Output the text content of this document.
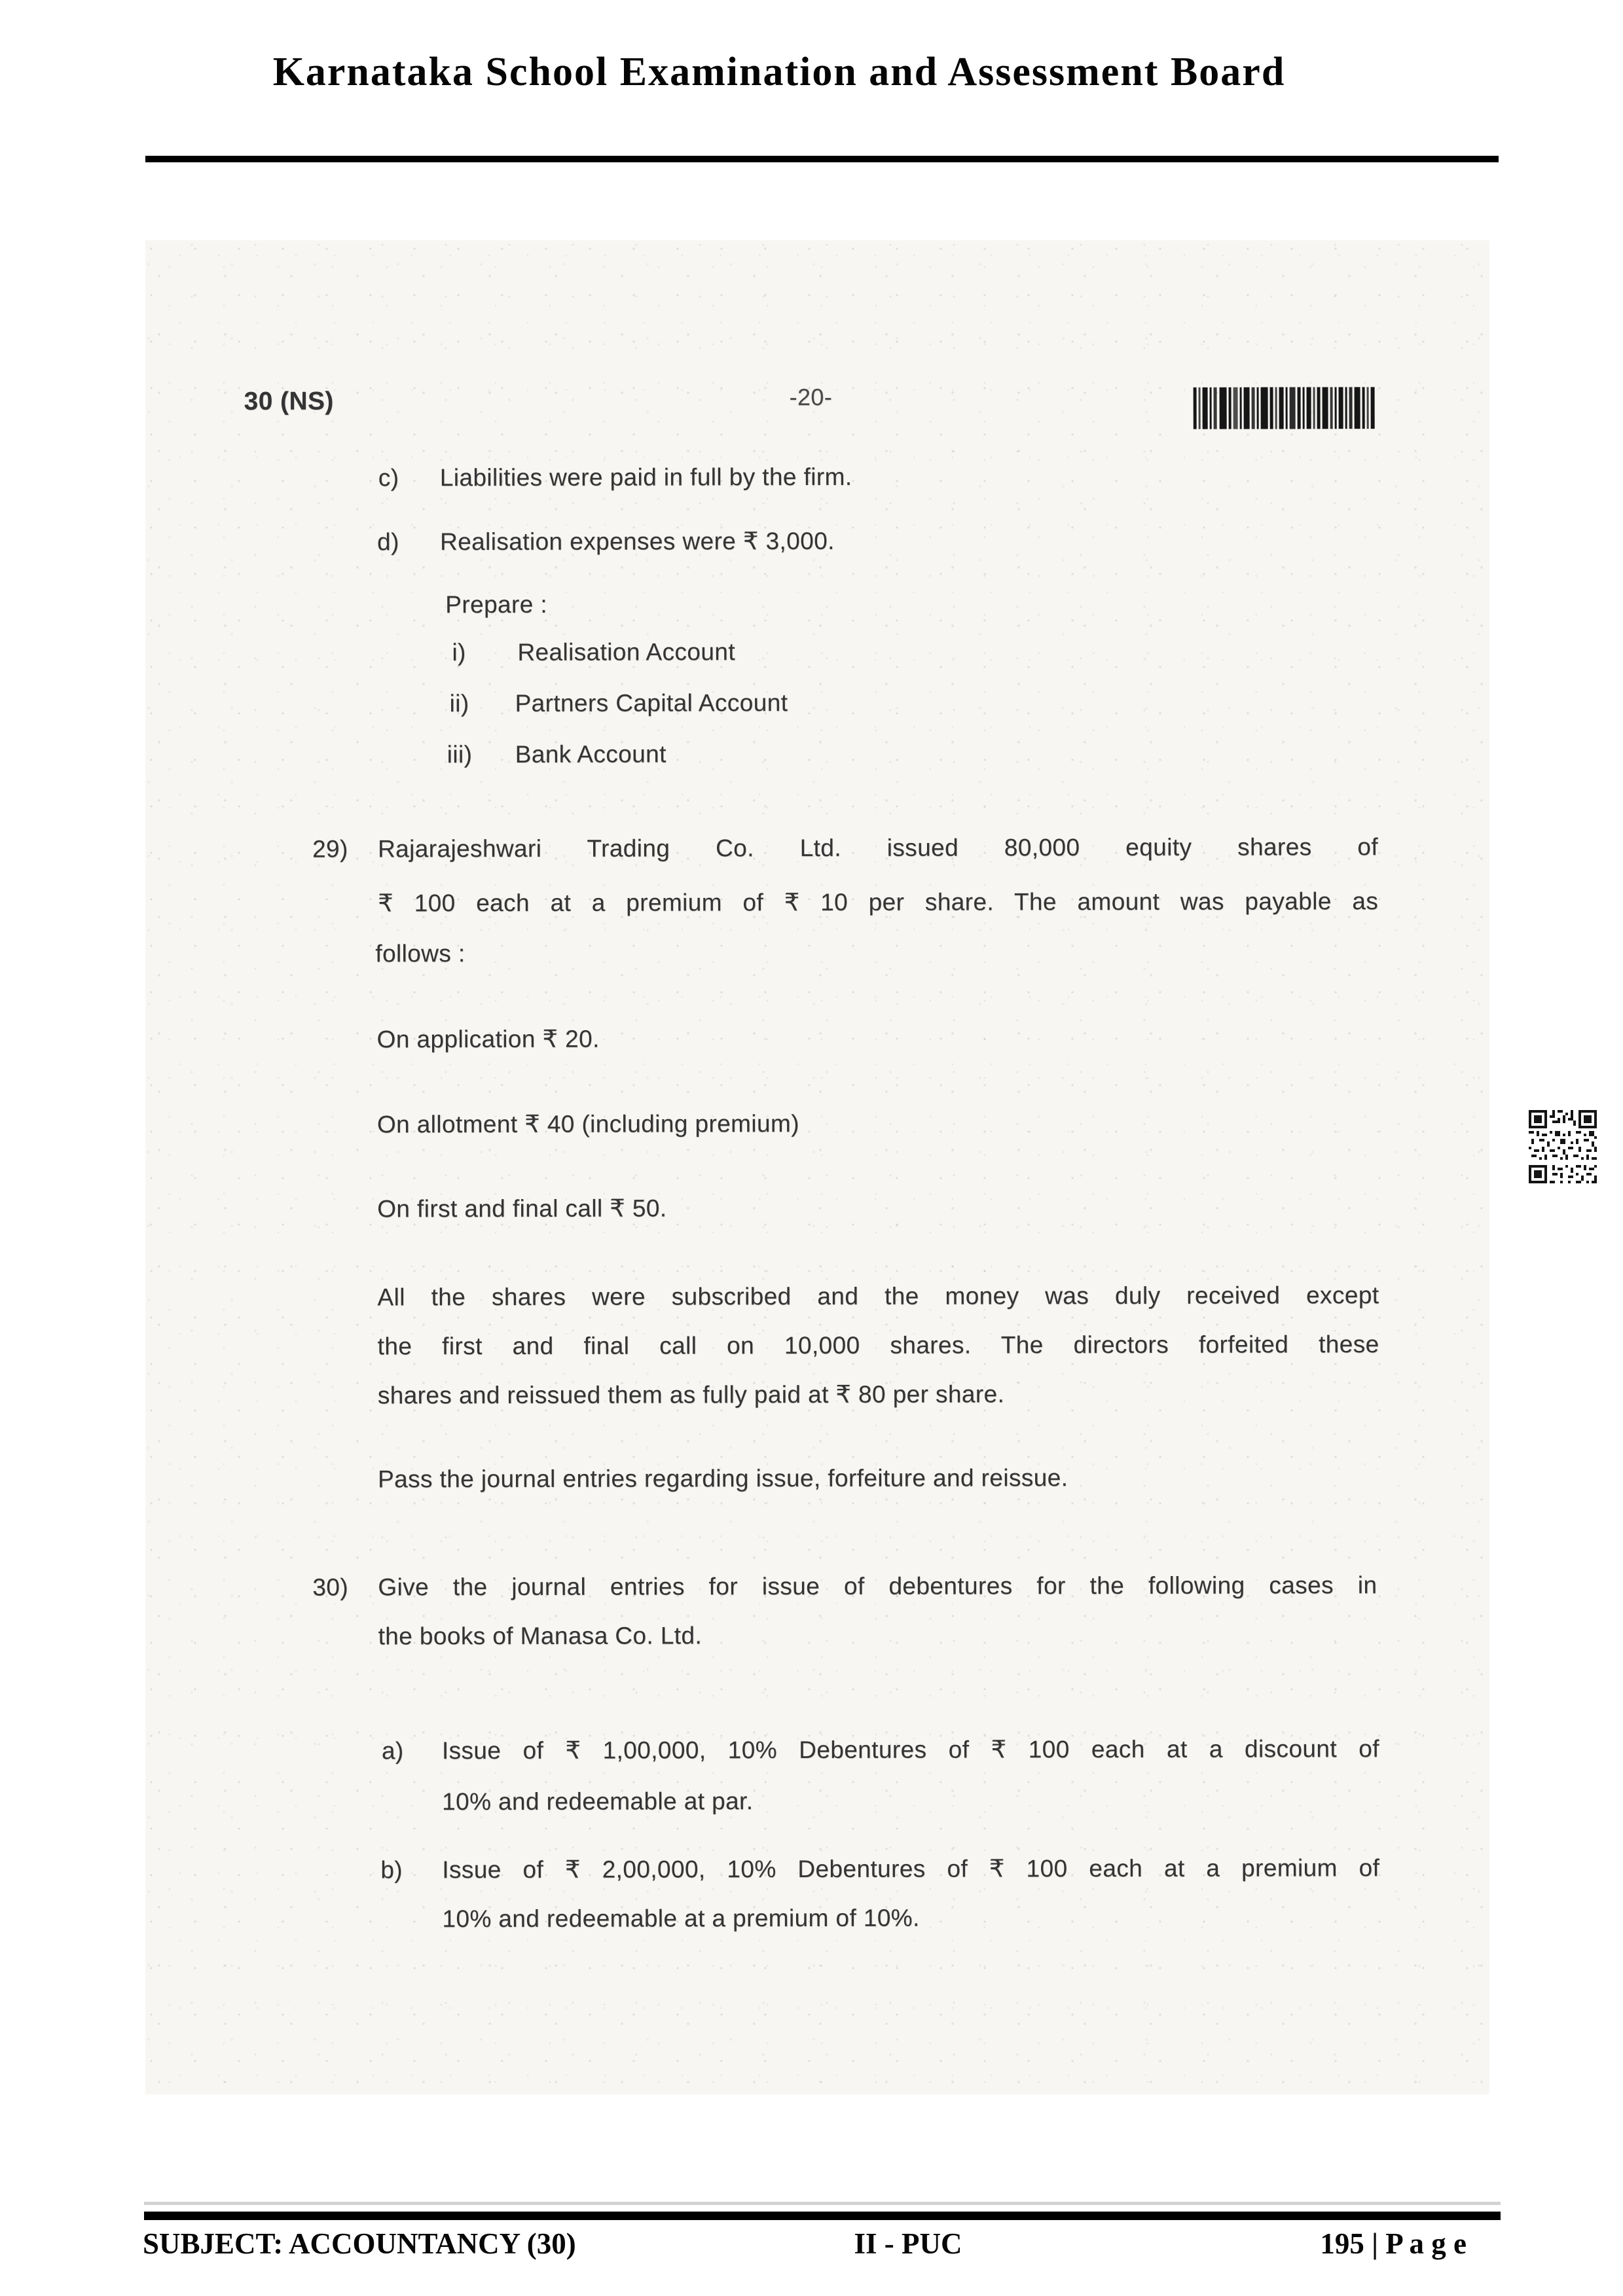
Karnataka School Examination and Assessment Board
30 (NS)	-20-
c) Liabilities were paid in full by the firm.
d) Realisation expenses were ₹ 3,000.
Prepare :
i) Realisation Account
ii) Partners Capital Account
iii) Bank Account
29) Rajarajeshwari Trading Co. Ltd. issued 80,000 equity shares of
₹ 100 each at a premium of ₹ 10 per share. The amount was payable as
follows :
On application ₹ 20.
On allotment ₹ 40 (including premium)
On first and final call ₹ 50.
All the shares were subscribed and the money was duly received except
the first and final call on 10,000 shares. The directors forfeited these
shares and reissued them as fully paid at ₹ 80 per share.
Pass the journal entries regarding issue, forfeiture and reissue.
30) Give the journal entries for issue of debentures for the following cases in
the books of Manasa Co. Ltd.
a) Issue of ₹ 1,00,000, 10% Debentures of ₹ 100 each at a discount of
10% and redeemable at par.
b) Issue of ₹ 2,00,000, 10% Debentures of ₹ 100 each at a premium of
10% and redeemable at a premium of 10%.
SUBJECT: ACCOUNTANCY (30)	II - PUC	195 | P a g e
